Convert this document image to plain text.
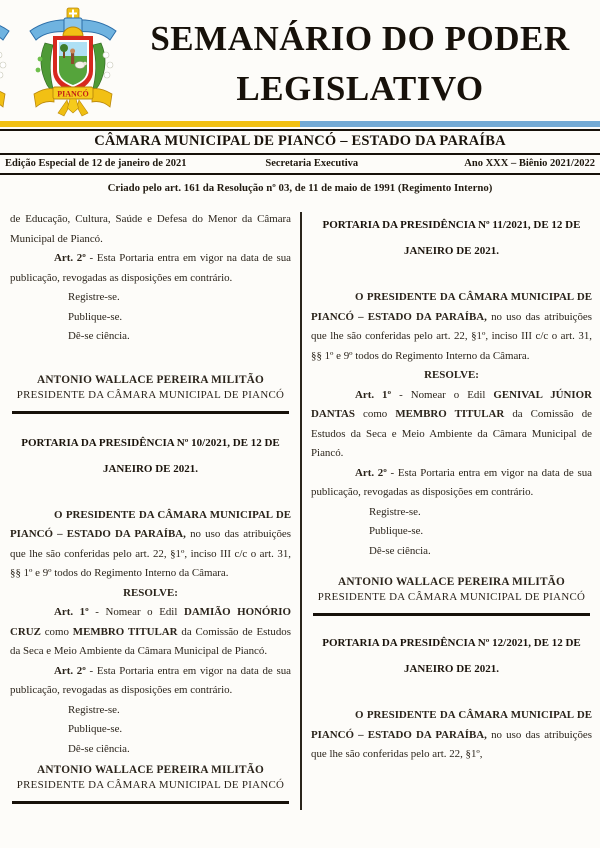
PIANCÓ
SEMANÁRIO DO PODER
LEGISLATIVO
CÂMARA MUNICIPAL DE PIANCÓ – ESTADO DA PARAÍBA
Edição Especial de 12 de janeiro de 2021	Secretaria Executiva	Ano XXX – Biênio 2021/2022
Criado pelo art. 161 da Resolução nº 03, de 11 de maio de 1991 (Regimento Interno)

de Educação, Cultura, Saúde e Defesa do Menor da Câmara Municipal de Piancó.

Art. 2º - Esta Portaria entra em vigor na data de sua publicação, revogadas as disposições em contrário.

Registre-se.

Publique-se.

Dê-se ciência.

ANTONIO WALLACE PEREIRA MILITÃO
PRESIDENTE DA CÂMARA MUNICIPAL DE PIANCÓ
PORTARIA DA PRESIDÊNCIA Nº 10/2021, DE 12 DE
JANEIRO DE 2021.

O PRESIDENTE DA CÂMARA MUNICIPAL DE PIANCÓ – ESTADO DA PARAÍBA, no uso das atribuições que lhe são conferidas pelo art. 22, §1º, inciso III c/c o art. 31, §§ 1º e 9º todos do Regimento Interno da Câmara.

RESOLVE:

Art. 1º - Nomear o Edil DAMIÃO HONÓRIO CRUZ como MEMBRO TITULAR da Comissão de Estudos da Seca e Meio Ambiente da Câmara Municipal de Piancó.

Art. 2º - Esta Portaria entra em vigor na data de sua publicação, revogadas as disposições em contrário.

Registre-se.

Publique-se.

Dê-se ciência.

ANTONIO WALLACE PEREIRA MILITÃO
PRESIDENTE DA CÂMARA MUNICIPAL DE PIANCÓ
PORTARIA DA PRESIDÊNCIA Nº 11/2021, DE 12 DE
JANEIRO DE 2021.

O PRESIDENTE DA CÂMARA MUNICIPAL DE PIANCÓ – ESTADO DA PARAÍBA, no uso das atribuições que lhe são conferidas pelo art. 22, §1º, inciso III c/c o art. 31, §§ 1º e 9º todos do Regimento Interno da Câmara.

RESOLVE:

Art. 1º - Nomear o Edil GENIVAL JÚNIOR DANTAS como MEMBRO TITULAR da Comissão de Estudos da Seca e Meio Ambiente da Câmara Municipal de Piancó.

Art. 2º - Esta Portaria entra em vigor na data de sua publicação, revogadas as disposições em contrário.

Registre-se.

Publique-se.

Dê-se ciência.

ANTONIO WALLACE PEREIRA MILITÃO
PRESIDENTE DA CÂMARA MUNICIPAL DE PIANCÓ
PORTARIA DA PRESIDÊNCIA Nº 12/2021, DE 12 DE
JANEIRO DE 2021.

O PRESIDENTE DA CÂMARA MUNICIPAL DE PIANCÓ – ESTADO DA PARAÍBA, no uso das atribuições que lhe são conferidas pelo art. 22, §1º,
